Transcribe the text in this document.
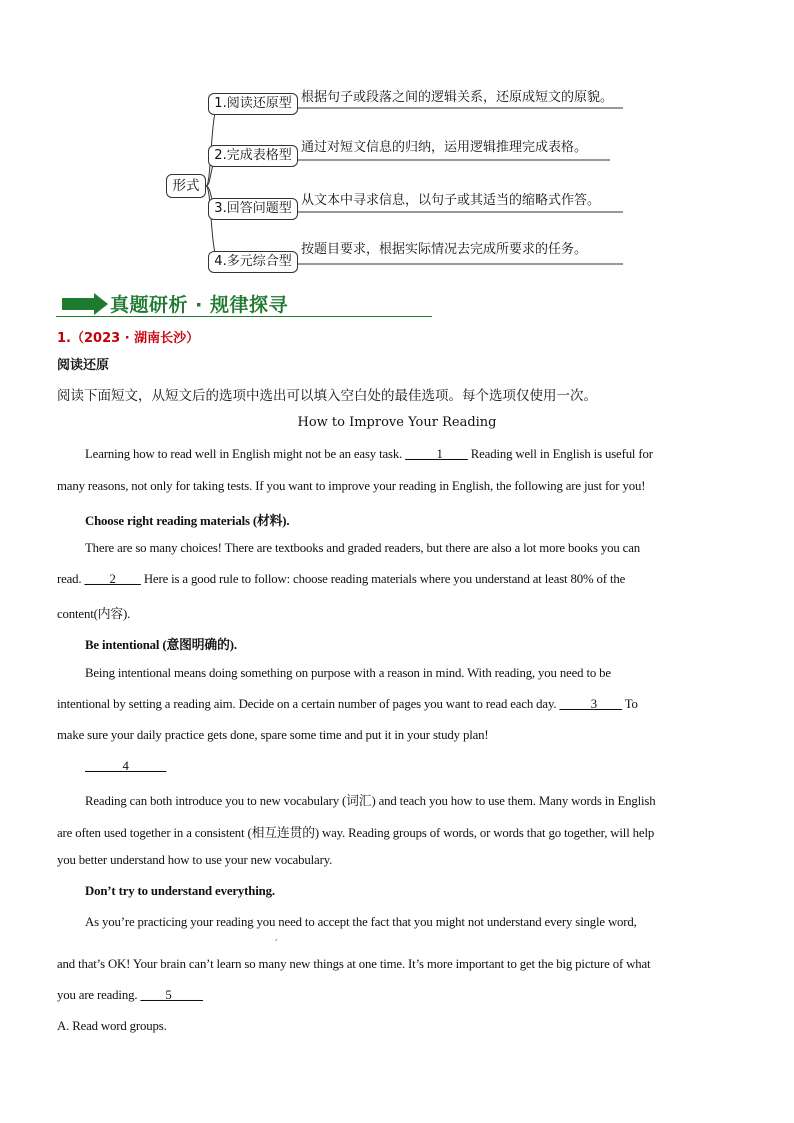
形式
1.阅读还原型 根据句子或段落之间的逻辑关系，还原成短文的原貌。
2.完成表格型
通过对短文信息的归纳，运用逻辑推理完成表格。
3.回答问题型
从文本中寻求信息，以句子或其适当的缩略式作答。
4.多元综合型
按题目要求，根据实际情况去完成所要求的任务。
真题研析 · 规律探寻
1.（2023 · 湖南长沙）
阅读还原
阅读下面短文，从短文后的选项中选出可以填入空白处的最佳选项。每个选项仅使用一次。
How to Improve Your Reading
Learning how to read well in English might not be an easy task. _____1____ Reading well in English is useful for
many reasons, not only for taking tests. If you want to improve your reading in English, the following are just for you!
Choose right reading materials (材料).
There are so many choices! There are textbooks and graded readers, but there are also a lot more books you can
read. ____2____ Here is a good rule to follow: choose reading materials where you understand at least 80% of the
content(内容).
Be intentional (意图明确的).
Being intentional means doing something on purpose with a reason in mind. With reading, you need to be
intentional by setting a reading aim. Decide on a certain number of pages you want to read each day. _____3____ To
make sure your daily practice gets done, spare some time and put it in your study plan!
______4______
Reading can both introduce you to new vocabulary (词汇) and teach you how to use them. Many words in English
are often used together in a consistent (相互连贯的) way. Reading groups of words, or words that go together, will help
you better understand how to use your new vocabulary.
Don’t try to understand everything.
As you’re practicing your reading you need to accept the fact that you might not understand every single word,
,
and that’s OK! Your brain can’t learn so many new things at one time. It’s more important to get the big picture of what
you are reading. ____5_____
A. Read word groups.
